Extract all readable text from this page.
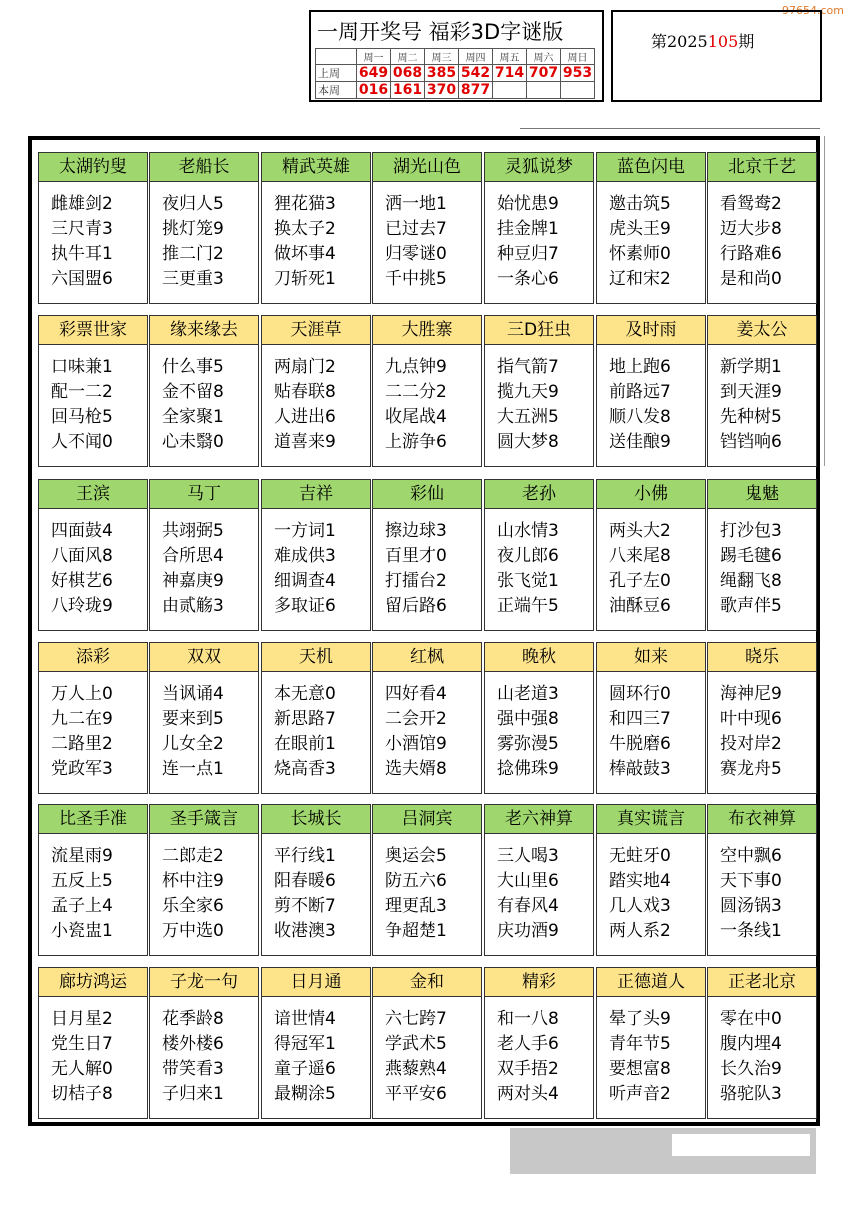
97654.com
一周开奖号 福彩3D字谜版
	周一	周二	周三	周四	周五	周六	周日
上周	649	068	385	542	714	707	953
本周	016	161	370	877			
第2025105期
太湖钓叟
雌雄剑2
三尺青3
执牛耳1
六国盟6
老船长
夜归人5
挑灯笼9
推二门2
三更重3
精武英雄
狸花猫3
换太子2
做坏事4
刀斩死1
湖光山色
洒一地1
已过去7
归零谜0
千中挑5
灵狐说梦
始忧患9
挂金牌1
种豆归7
一条心6
蓝色闪电
邀击筑5
虎头王9
怀素师0
辽和宋2
北京千艺
看鸳鸯2
迈大步8
行路难6
是和尚0
彩票世家
口味兼1
配一二2
回马枪5
人不闻0
缘来缘去
什么事5
金不留8
全家聚1
心未翳0
天涯草
两扇门2
贴春联8
人进出6
道喜来9
大胜寨
九点钟9
二二分2
收尾战4
上游争6
三D狂虫
指气箭7
揽九天9
大五洲5
圆大梦8
及时雨
地上跑6
前路远7
顺八发8
送佳酿9
姜太公
新学期1
到天涯9
先种树5
铛铛响6
王滨
四面鼓4
八面风8
好棋艺6
八玲珑9
马丁
共翊弼5
合所思4
神嘉庚9
由贰觞3
吉祥
一方词1
难成供3
细调查4
多取证6
彩仙
擦边球3
百里才0
打擂台2
留后路6
老孙
山水情3
夜儿郎6
张飞觉1
正端午5
小佛
两头大2
八来尾8
孔子左0
油酥豆6
鬼魅
打沙包3
踢毛毽6
绳翻飞8
歌声伴5
添彩
万人上0
九二在9
二路里2
党政军3
双双
当讽诵4
要来到5
儿女全2
连一点1
天机
本无意0
新思路7
在眼前1
烧高香3
红枫
四好看4
二会开2
小酒馆9
选夫婿8
晚秋
山老道3
强中强8
雾弥漫5
捻佛珠9
如来
圆环行0
和四三7
牛脱磨6
棒敲鼓3
晓乐
海神尼9
叶中现6
投对岸2
赛龙舟5
比圣手准
流星雨9
五反上5
孟子上4
小瓷盅1
圣手箴言
二郎走2
杯中注9
乐全家6
万中选0
长城长
平行线1
阳春暖6
剪不断7
收港澳3
吕洞宾
奥运会5
防五六6
理更乱3
争超楚1
老六神算
三人喝3
大山里6
有春风4
庆功酒9
真实谎言
无蛀牙0
踏实地4
几人戏3
两人系2
布衣神算
空中飘6
天下事0
圆汤锅3
一条线1
廊坊鸿运
日月星2
党生日7
无人解0
切桔子8
子龙一句
花季龄8
楼外楼6
带笑看3
子归来1
日月通
谙世情4
得冠军1
童子遥6
最糊涂5
金和
六七跨7
学武术5
燕藜熟4
平平安6
精彩
和一八8
老人手6
双手捂2
两对头4
正德道人
晕了头9
青年节5
要想富8
听声音2
正老北京
零在中0
腹内埋4
长久治9
骆驼队3
